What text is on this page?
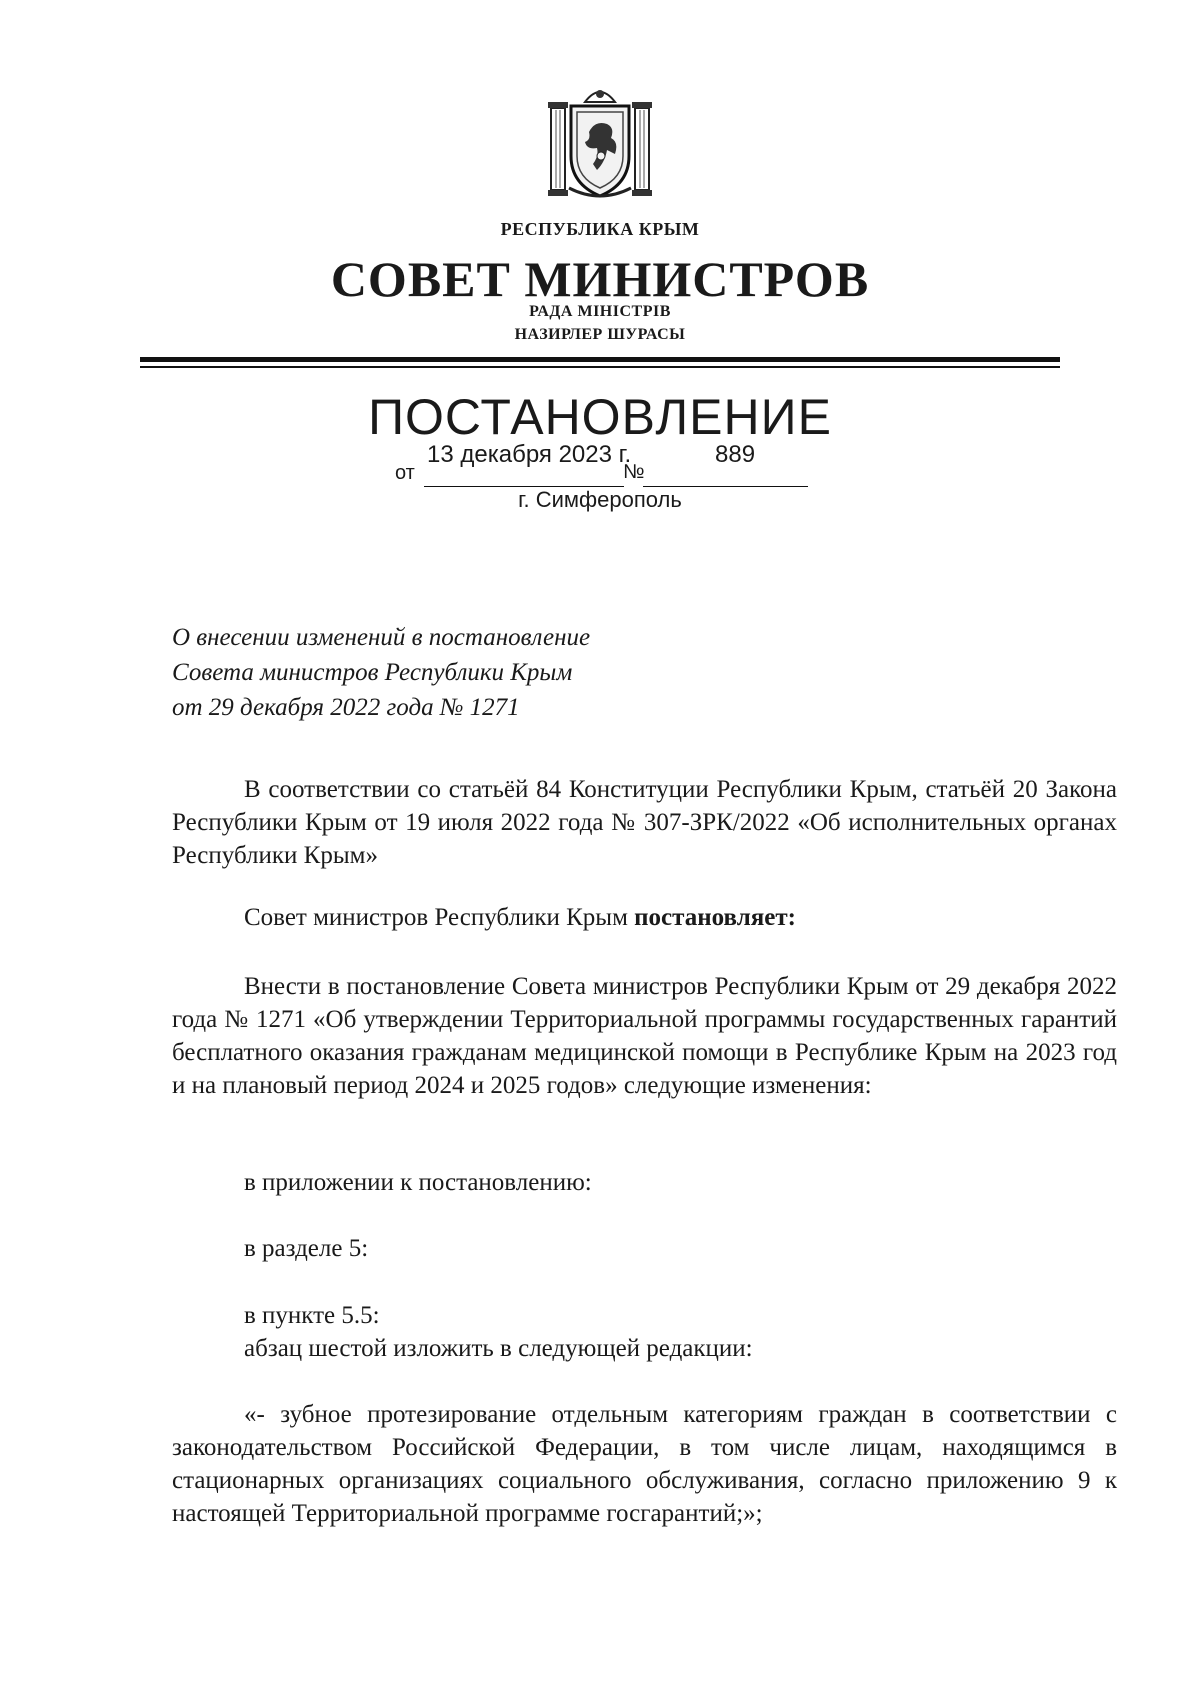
РЕСПУБЛИКА КРЫМ
СОВЕТ МИНИСТРОВ
РАДА МІНІСТРІВ
НАЗИРЛЕР ШУРАСЫ
ПОСТАНОВЛЕНИЕ
от
13 декабря 2023 г.
№
889
г. Симферополь
О внесении изменений в постановление
Совета министров Республики Крым
от 29 декабря 2022 года № 1271
В соответствии со статьёй 84 Конституции Республики Крым, статьёй 20 Закона Республики Крым от 19 июля 2022 года № 307-ЗРК/2022 «Об исполнительных органах Республики Крым»
Совет министров Республики Крым постановляет:
Внести в постановление Совета министров Республики Крым от 29 декабря 2022 года № 1271 «Об утверждении Территориальной программы государственных гарантий бесплатного оказания гражданам медицинской помощи в Республике Крым на 2023 год и на плановый период 2024 и 2025 годов» следующие изменения:
в приложении к постановлению:
в разделе 5:
в пункте 5.5:
абзац шестой изложить в следующей редакции:
«- зубное протезирование отдельным категориям граждан в соответствии с законодательством Российской Федерации, в том числе лицам, находящимся в стационарных организациях социального обслуживания, согласно приложению 9 к настоящей Территориальной программе госгарантий;»;
